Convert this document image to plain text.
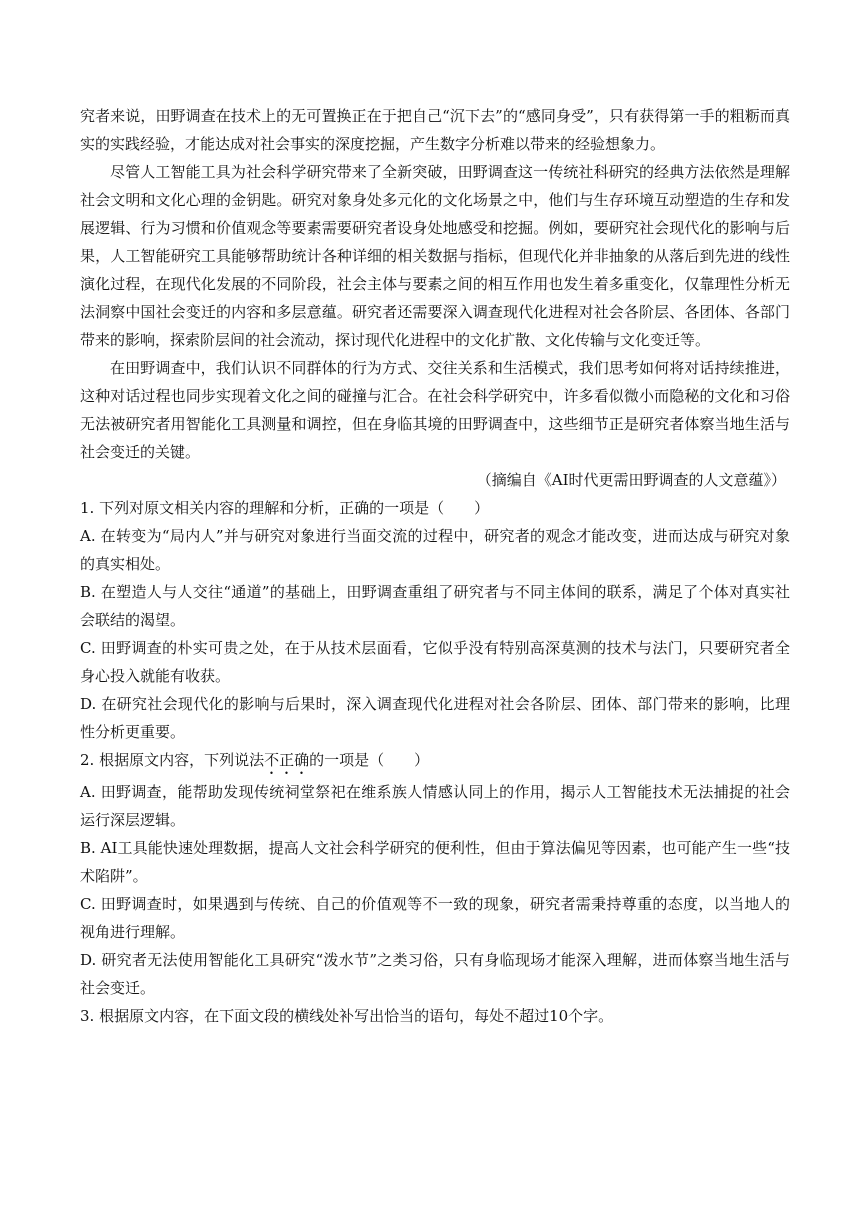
究者来说，田野调查在技术上的无可置换正在于把自己“沉下去”的“感同身受”，只有获得第一手的粗粝而真实的实践经验，才能达成对社会事实的深度挖掘，产生数字分析难以带来的经验想象力。

尽管人工智能工具为社会科学研究带来了全新突破，田野调查这一传统社科研究的经典方法依然是理解社会文明和文化心理的金钥匙。研究对象身处多元化的文化场景之中，他们与生存环境互动塑造的生存和发展逻辑、行为习惯和价值观念等要素需要研究者设身处地感受和挖掘。例如，要研究社会现代化的影响与后果，人工智能研究工具能够帮助统计各种详细的相关数据与指标，但现代化并非抽象的从落后到先进的线性演化过程，在现代化发展的不同阶段，社会主体与要素之间的相互作用也发生着多重变化，仅靠理性分析无法洞察中国社会变迁的内容和多层意蕴。研究者还需要深入调查现代化进程对社会各阶层、各团体、各部门带来的影响，探索阶层间的社会流动，探讨现代化进程中的文化扩散、文化传输与文化变迁等。

在田野调查中，我们认识不同群体的行为方式、交往关系和生活模式，我们思考如何将对话持续推进，这种对话过程也同步实现着文化之间的碰撞与汇合。在社会科学研究中，许多看似微小而隐秘的文化和习俗无法被研究者用智能化工具测量和调控，但在身临其境的田野调查中，这些细节正是研究者体察当地生活与社会变迁的关键。

（摘编自《AI时代更需田野调查的人文意蕴》）

1. 下列对原文相关内容的理解和分析，正确的一项是（　　）

A. 在转变为“局内人”并与研究对象进行当面交流的过程中，研究者的观念才能改变，进而达成与研究对象的真实相处。

B. 在塑造人与人交往“通道”的基础上，田野调查重组了研究者与不同主体间的联系，满足了个体对真实社会联结的渴望。

C. 田野调查的朴实可贵之处，在于从技术层面看，它似乎没有特别高深莫测的技术与法门，只要研究者全身心投入就能有收获。

D. 在研究社会现代化的影响与后果时，深入调查现代化进程对社会各阶层、团体、部门带来的影响，比理性分析更重要。

2. 根据原文内容，下列说法不正确的一项是（　　）

A. 田野调查，能帮助发现传统祠堂祭祀在维系族人情感认同上的作用，揭示人工智能技术无法捕捉的社会运行深层逻辑。

B. AI工具能快速处理数据，提高人文社会科学研究的便利性，但由于算法偏见等因素，也可能产生一些“技术陷阱”。

C. 田野调查时，如果遇到与传统、自己的价值观等不一致的现象，研究者需秉持尊重的态度，以当地人的视角进行理解。

D. 研究者无法使用智能化工具研究“泼水节”之类习俗，只有身临现场才能深入理解，进而体察当地生活与社会变迁。

3. 根据原文内容，在下面文段的横线处补写出恰当的语句，每处不超过10个字。
